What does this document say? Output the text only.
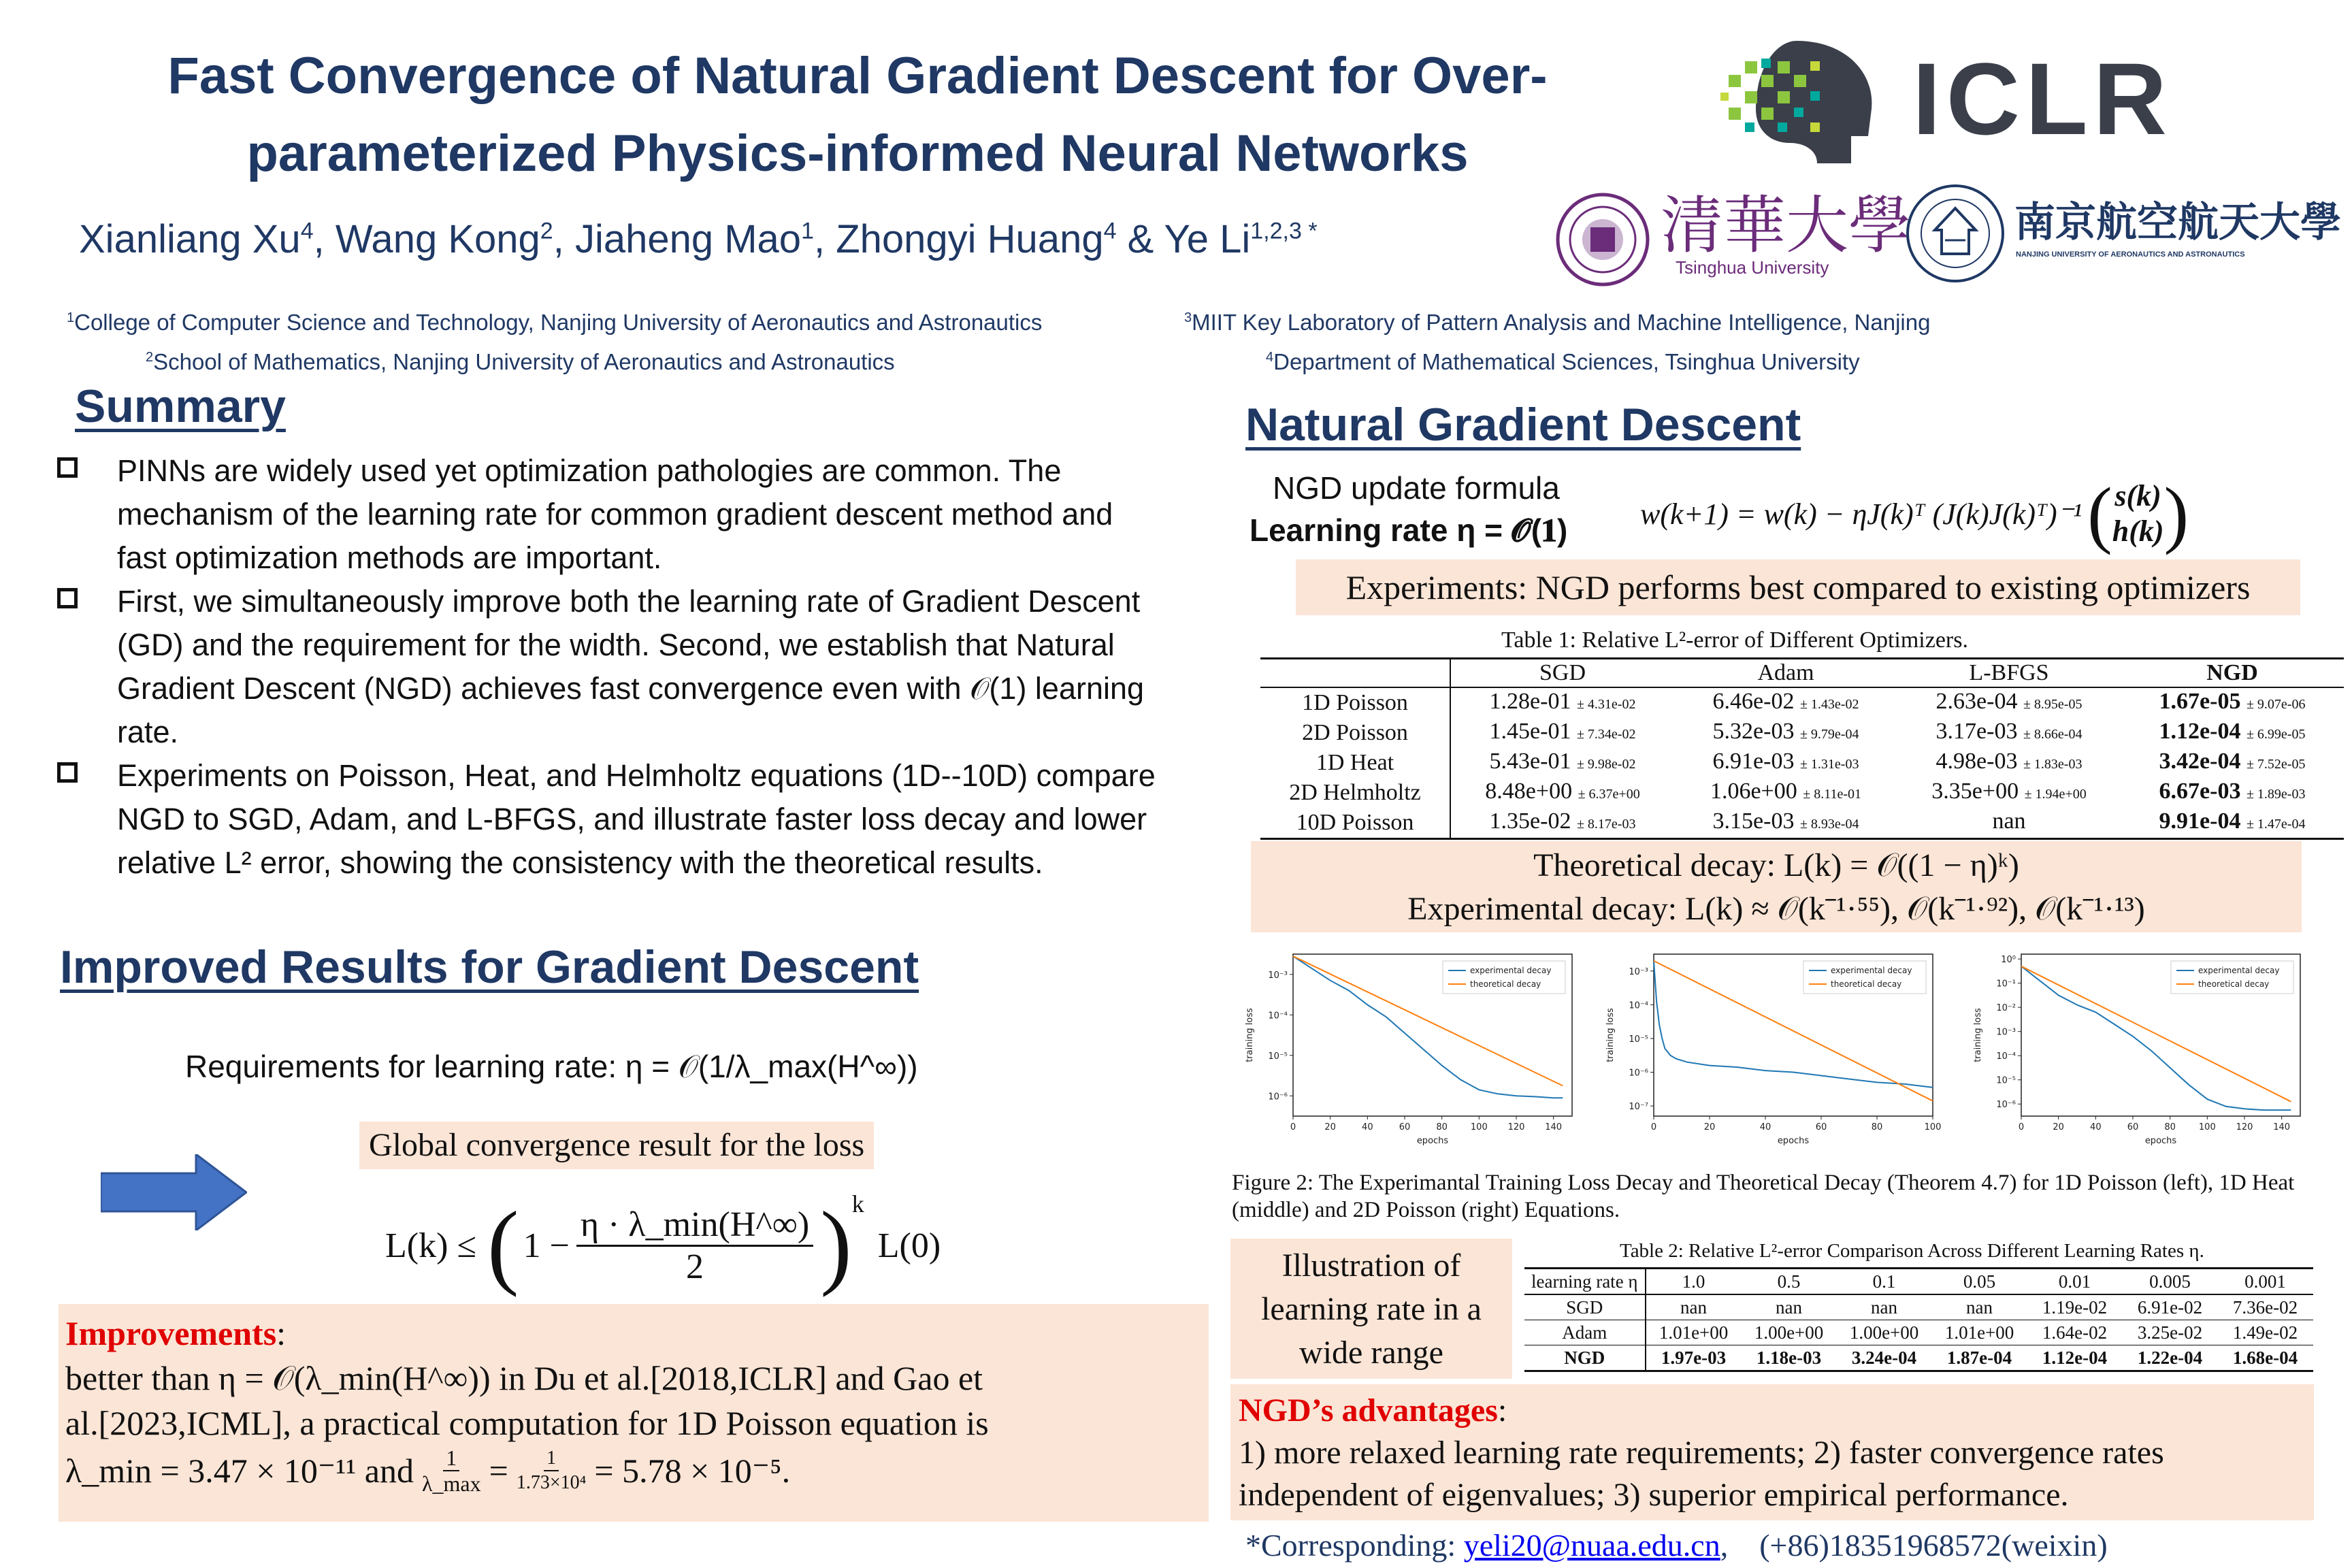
Fast Convergence of Natural Gradient Descent for Over-parameterized Physics-informed Neural Networks
Xianliang Xu$^4$, Wang Kong$^2$, Jiaheng Mao$^1$, Zhongyi Huang$^4$ & Ye Li$^{1,2,3}$ *
$^1$College of Computer Science and Technology, Nanjing University of Aeronautics and Astronautics
$^2$School of Mathematics, Nanjing University of Aeronautics and Astronautics
$^3$MIIT Key Laboratory of Pattern Analysis and Machine Intelligence, Nanjing
$^4$Department of Mathematical Sciences, Tsinghua University
ICLR
清華大學
Tsinghua University
南京航空航天大學
NANJING UNIVERSITY OF AERONAUTICS AND ASTRONAUTICS
Summary
PINNs are widely used yet optimization pathologies are common. The mechanism of the learning rate for common gradient descent method and fast optimization methods are important.
First, we simultaneously improve both the learning rate of Gradient Descent (GD) and the requirement for the width. Second, we establish that Natural Gradient Descent (NGD) achieves fast convergence even with 𝒪(1) learning rate.
Experiments on Poisson, Heat, and Helmholtz equations (1D--10D) compare NGD to SGD, Adam, and L-BFGS, and illustrate faster loss decay and lower relative L² error, showing the consistency with the theoretical results.
Improved Results for Gradient Descent
Requirements for learning rate: η = 𝒪(1/λ_max(H^∞))
Global convergence result for the loss
L(k) ≤ ( 1 −
η · λ_min(H^∞)
2 ) k
L(0)
Improvements:
better than η = 𝒪(λ_min(H^∞)) in Du et al.[2018,ICLR] and Gao et
al.[2023,ICML], a practical computation for 1D Poisson equation is
λ_min = 3.47 × 10⁻¹¹ and 1
λ_max = $\frac{1}{\text{1.73×10⁴}} = 5.78 \times 10^{-5}$.
Natural Gradient Descent
NGD update formula
Learning rate η = 𝓞(𝟏) w(k+1) = w(k) − ηJ(k)ᵀ (J(k)J(k)ᵀ)⁻¹ ( s(k)
h(k) )
Experiments: NGD performs best compared to existing optimizers
Table 1: Relative L²-error of Different Optimizers.
	SGD	Adam	L-BFGS	NGD
1D Poisson	1.28e-01 ± 4.31e-02	6.46e-02 ± 1.43e-02	2.63e-04 ± 8.95e-05	1.67e-05 ± 9.07e-06
2D Poisson	1.45e-01 ± 7.34e-02	5.32e-03 ± 9.79e-04	3.17e-03 ± 8.66e-04	1.12e-04 ± 6.99e-05
1D Heat	5.43e-01 ± 9.98e-02	6.91e-03 ± 1.31e-03	4.98e-03 ± 1.83e-03	3.42e-04 ± 7.52e-05
2D Helmholtz	8.48e+00 ± 6.37e+00	1.06e+00 ± 8.11e-01	3.35e+00 ± 1.94e+00	6.67e-03 ± 1.89e-03
10D Poisson	1.35e-02 ± 8.17e-03	3.15e-03 ± 8.93e-04	nan	9.91e-04 ± 1.47e-04
Theoretical decay: L(k) = 𝒪((1 − η)ᵏ)
Experimental decay: L(k) ≈ 𝒪(k⁻¹·⁵⁵), 𝒪(k⁻¹·⁹²), 𝒪(k⁻¹·¹³)
0	20	40	60	80	100 120 140
10⁻³
10⁻⁴
10⁻⁵
10⁻⁶
epochs
training loss
experimental decay
theoretical decay
0	20	40	60	80	100
10⁻³
10⁻⁴
10⁻⁵
10⁻⁶
10⁻⁷
epochs
training loss
experimental decay
theoretical decay
0	20	40	60	80	100 120 140
10⁰
10⁻¹
10⁻²
10⁻³
10⁻⁴
10⁻⁵
10⁻⁶
epochs
training loss
experimental decay
theoretical decay
Figure 2: The Experimantal Training Loss Decay and Theoretical Decay (Theorem 4.7) for 1D Poisson (left), 1D Heat (middle) and 2D Poisson (right) Equations.
Illustration of learning rate in a wide range
Table 2: Relative L²-error Comparison Across Different Learning Rates η.
learning rate η	1.0	0.5	0.1	0.05	0.01	0.005	0.001
SGD	nan	nan	nan	nan	1.19e-02	6.91e-02	7.36e-02
Adam	1.01e+00	1.00e+00	1.00e+00	1.01e+00	1.64e-02	3.25e-02	1.49e-02
NGD	1.97e-03	1.18e-03	3.24e-04	1.87e-04	1.12e-04	1.22e-04	1.68e-04
NGD’s advantages:
1) more relaxed learning rate requirements; 2) faster convergence rates independent of eigenvalues; 3) superior empirical performance.
*Corresponding: yeli20@nuaa.edu.cn,    (+86)18351968572(weixin)
